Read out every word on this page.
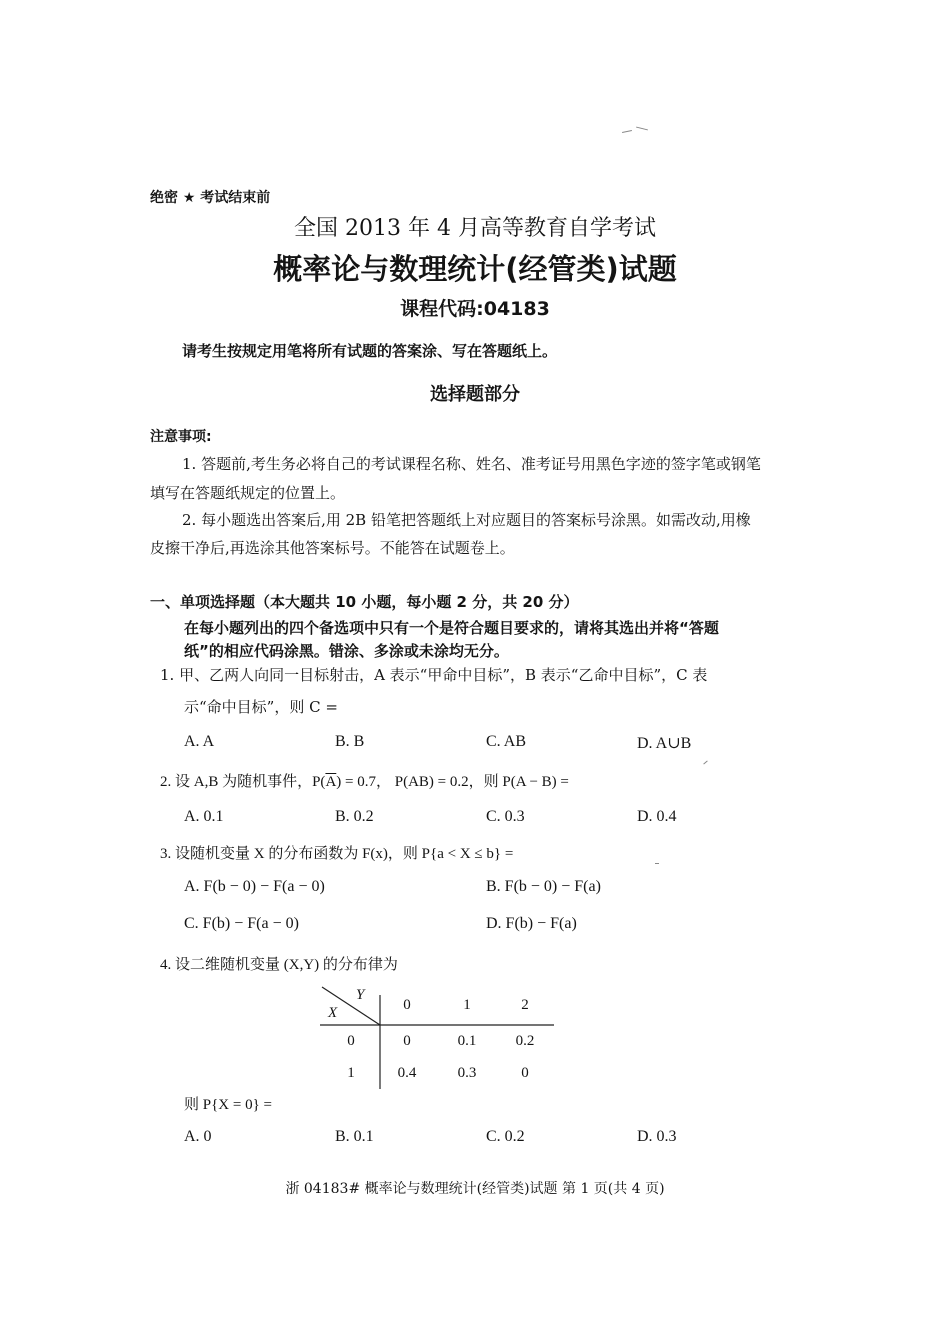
绝密 ★ 考试结束前
全国 2013 年 4 月高等教育自学考试
概率论与数理统计(经管类)试题
课程代码:04183
请考生按规定用笔将所有试题的答案涂、写在答题纸上。
选择题部分
注意事项:
1. 答题前,考生务必将自己的考试课程名称、姓名、准考证号用黑色字迹的签字笔或钢笔
填写在答题纸规定的位置上。
2. 每小题选出答案后,用 2B 铅笔把答题纸上对应题目的答案标号涂黑。如需改动,用橡
皮擦干净后,再选涂其他答案标号。不能答在试题卷上。
一、单项选择题（本大题共 10 小题，每小题 2 分，共 20 分）
在每小题列出的四个备选项中只有一个是符合题目要求的，请将其选出并将“答题
纸”的相应代码涂黑。错涂、多涂或未涂均无分。
1. 甲、乙两人向同一目标射击，A 表示“甲命中目标”，B 表示“乙命中目标”，C 表
示“命中目标”，则 C =
A. A	B. B	C. AB	D. A∪B
2. 设 A,B 为随机事件，$P(\overline{A}) = 0.7$， P(AB) = 0.2，则 P(A − B) =
A. 0.1	B. 0.2	C. 0.3	D. 0.4
3. 设随机变量 X 的分布函数为 F(x)，则 P{a < X ≤ b} =
A. F(b − 0) − F(a − 0)	B. F(b − 0) − F(a)
C. F(b) − F(a − 0)	D. F(b) − F(a)
4. 设二维随机变量 (X,Y) 的分布律为
Y
X	0	1	2
0	0	0.1	0.2
1	0.4	0.3	0
则 P{X = 0} =
A. 0	B. 0.1	C. 0.2	D. 0.3
浙 04183# 概率论与数理统计(经管类)试题 第 1 页(共 4 页)
